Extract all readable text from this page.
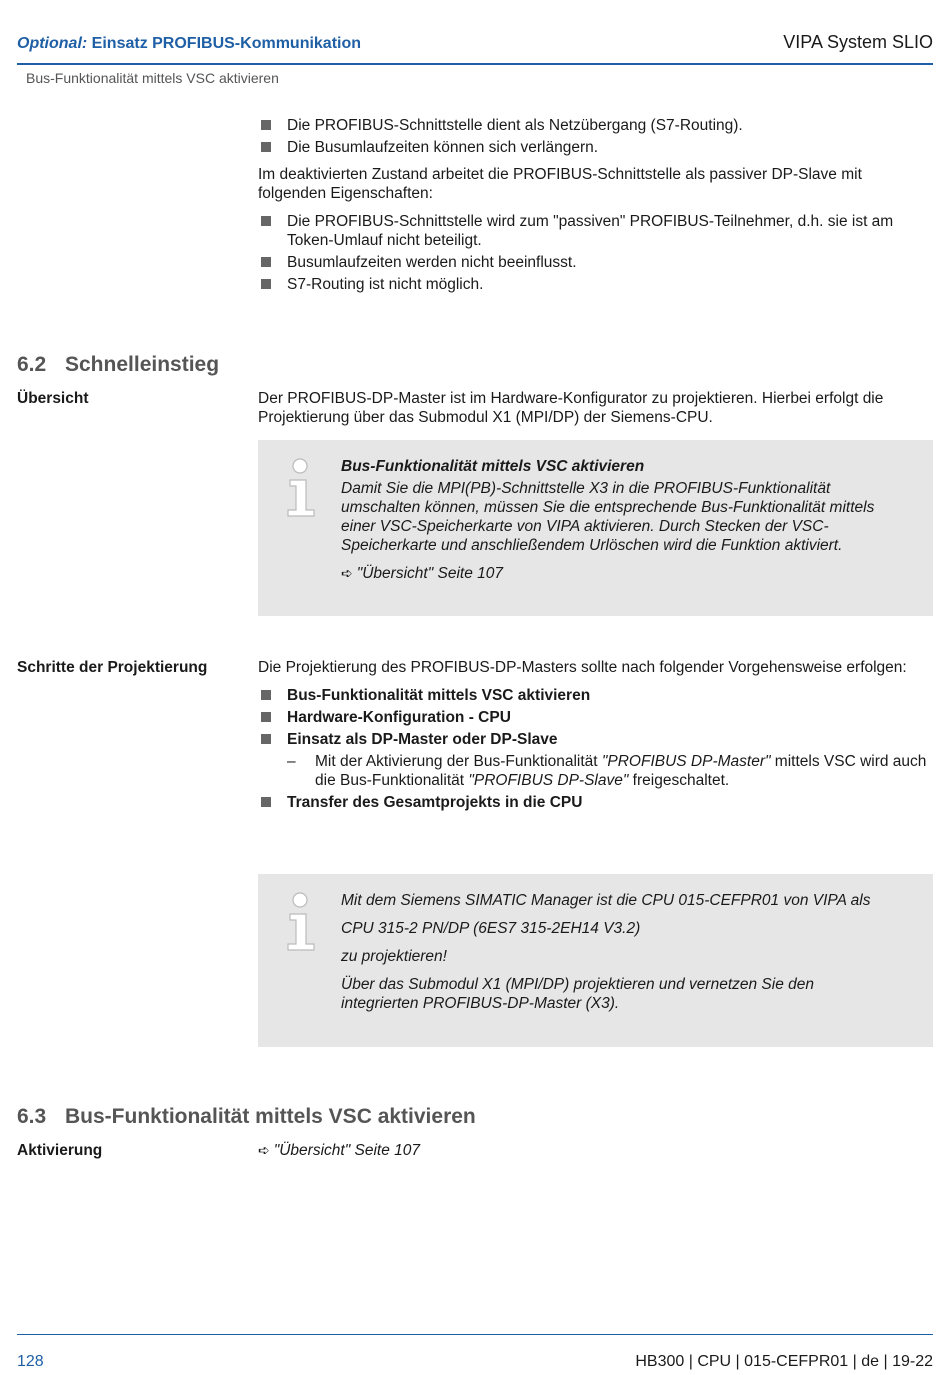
Optional: Einsatz PROFIBUS-Kommunikation	VIPA System SLIO
Bus-Funktionalität mittels VSC aktivieren
Die PROFIBUS-Schnittstelle dient als Netzübergang (S7-Routing).
Die Busumlaufzeiten können sich verlängern.

Im deaktivierten Zustand arbeitet die PROFIBUS-Schnittstelle als passiver DP-Slave mit folgenden Eigenschaften:

Die PROFIBUS-Schnittstelle wird zum "passiven" PROFIBUS-Teilnehmer, d.h. sie ist am Token-Umlauf nicht beteiligt.
Busumlaufzeiten werden nicht beeinflusst.
S7-Routing ist nicht möglich.
6.2 Schnelleinstieg
Übersicht	Der PROFIBUS-DP-Master ist im Hardware-Konfigurator zu projektieren. Hierbei erfolgt die Projektierung über das Submodul X1 (MPI/DP) der Siemens-CPU.

Bus-Funktionalität mittels VSC aktivieren

Damit Sie die MPI(PB)-Schnittstelle X3 in die PROFIBUS-Funktionalität umschalten können, müssen Sie die entsprechende Bus-Funktionalität mittels einer VSC-Speicherkarte von VIPA aktivieren. Durch Stecken der VSC-Speicherkarte und anschließendem Urlöschen wird die Funktion aktiviert.

➪ "Übersicht" Seite 107

Schritte der Projektierung	Die Projektierung des PROFIBUS-DP-Masters sollte nach folgender Vorgehensweise erfolgen:

Bus-Funktionalität mittels VSC aktivieren
Hardware-Konfiguration - CPU
Einsatz als DP-Master oder DP-Slave
– Mit der Aktivierung der Bus-Funktionalität "PROFIBUS DP-Master" mittels VSC wird auch die Bus-Funktionalität "PROFIBUS DP-Slave" freigeschaltet.
Transfer des Gesamtprojekts in die CPU

Mit dem Siemens SIMATIC Manager ist die CPU 015-CEFPR01 von VIPA als

CPU 315-2 PN/DP (6ES7 315-2EH14 V3.2)

zu projektieren!

Über das Submodul X1 (MPI/DP) projektieren und vernetzen Sie den integrierten PROFIBUS-DP-Master (X3).

6.3 Bus-Funktionalität mittels VSC aktivieren
Aktivierung	➪ "Übersicht" Seite 107
128	HB300 | CPU | 015-CEFPR01 | de | 19-22
